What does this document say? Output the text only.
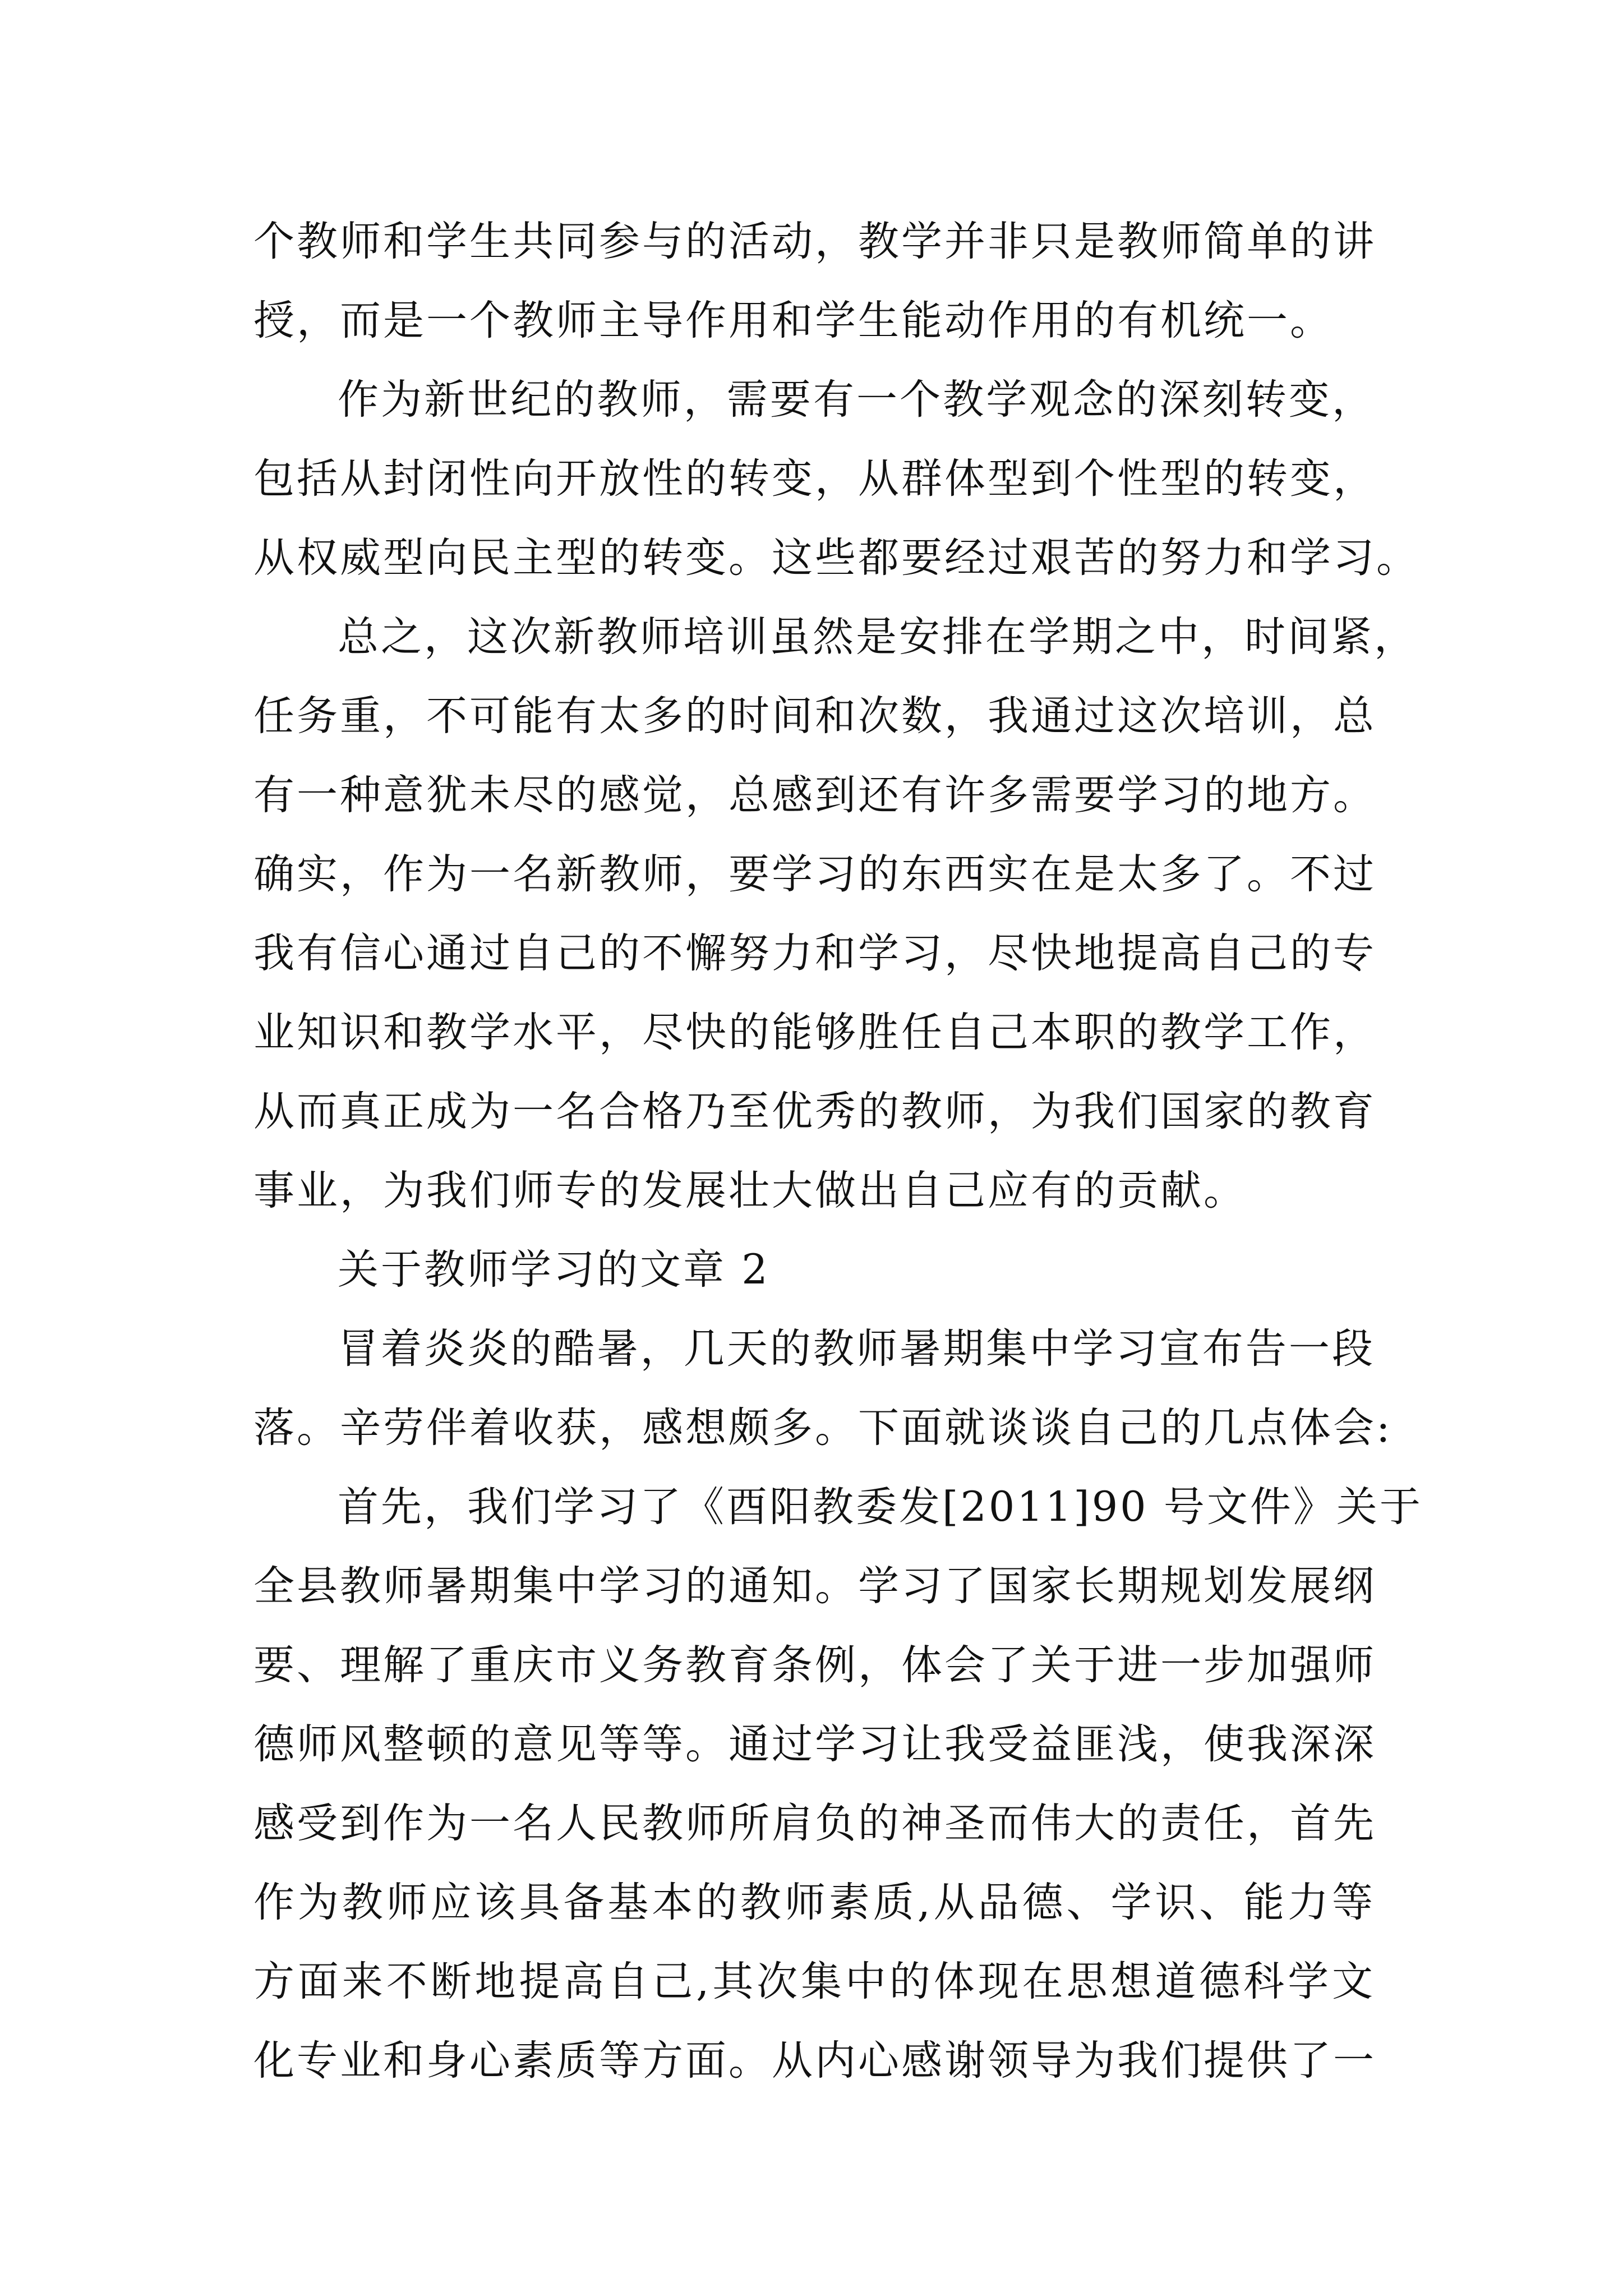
个教师和学生共同参与的活动，教学并非只是教师简单的讲
授，而是一个教师主导作用和学生能动作用的有机统一。
作为新世纪的教师，需要有一个教学观念的深刻转变，
包括从封闭性向开放性的转变，从群体型到个性型的转变，
从权威型向民主型的转变。这些都要经过艰苦的努力和学习。
总之，这次新教师培训虽然是安排在学期之中，时间紧，
任务重，不可能有太多的时间和次数，我通过这次培训，总
有一种意犹未尽的感觉，总感到还有许多需要学习的地方。
确实，作为一名新教师，要学习的东西实在是太多了。不过
我有信心通过自己的不懈努力和学习，尽快地提高自己的专
业知识和教学水平，尽快的能够胜任自己本职的教学工作，
从而真正成为一名合格乃至优秀的教师，为我们国家的教育
事业，为我们师专的发展壮大做出自己应有的贡献。
关于教师学习的文章 2
冒着炎炎的酷暑，几天的教师暑期集中学习宣布告一段
落。辛劳伴着收获，感想颇多。下面就谈谈自己的几点体会:
首先，我们学习了《酉阳教委发[2011]90 号文件》关于
全县教师暑期集中学习的通知。学习了国家长期规划发展纲
要、理解了重庆市义务教育条例，体会了关于进一步加强师
德师风整顿的意见等等。通过学习让我受益匪浅，使我深深
感受到作为一名人民教师所肩负的神圣而伟大的责任，首先
作为教师应该具备基本的教师素质,从品德、学识、能力等
方面来不断地提高自己,其次集中的体现在思想道德科学文
化专业和身心素质等方面。从内心感谢领导为我们提供了一
